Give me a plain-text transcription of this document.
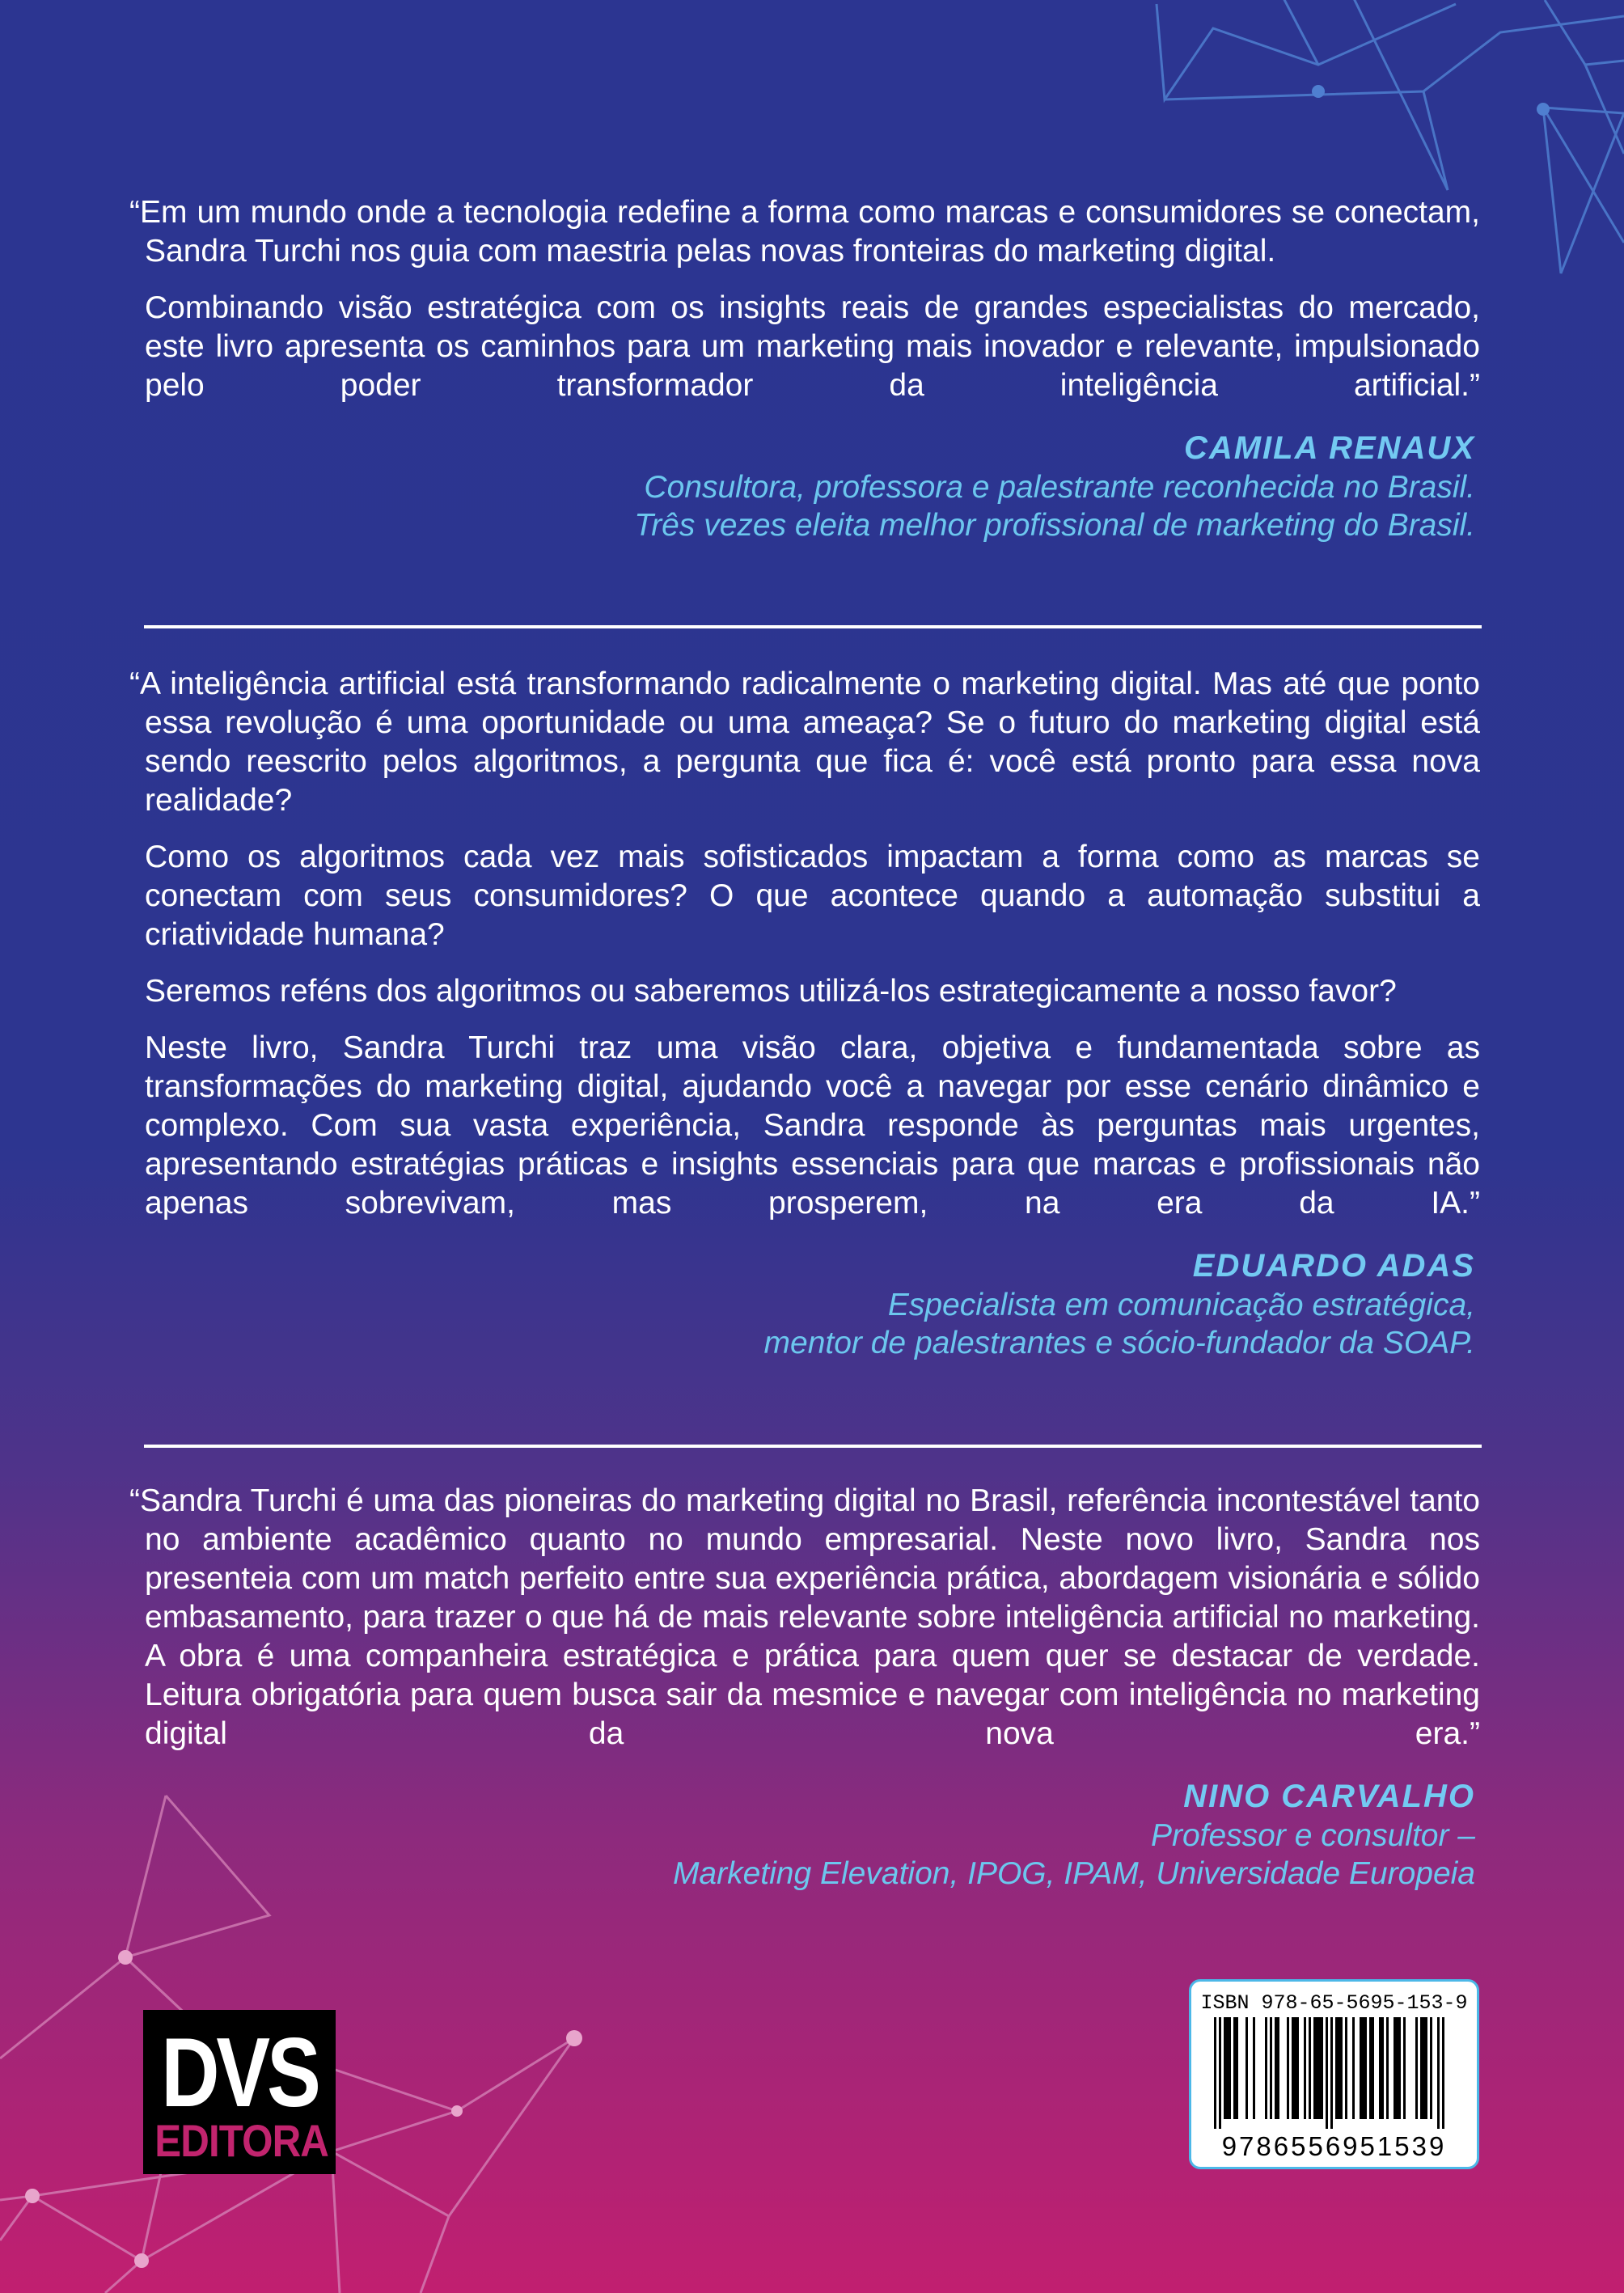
“Em um mundo onde a tecnologia redefine a forma como marcas e consumidores se conectam, Sandra Turchi nos guia com maestria pelas novas fronteiras do marketing digital.

Combinando visão estratégica com os insights reais de grandes especialistas do mercado, este livro apresenta os caminhos para um marketing mais inovador e relevante, impulsionado pelo poder transformador da inteligência artificial.”

CAMILA RENAUX
Consultora, professora e palestrante reconhecida no Brasil.
Três vezes eleita melhor profissional de marketing do Brasil.

“A inteligência artificial está transformando radicalmente o marketing digital. Mas até que ponto essa revolução é uma oportunidade ou uma ameaça? Se o futuro do marketing digital está sendo reescrito pelos algoritmos, a pergunta que fica é: você está pronto para essa nova realidade?

Como os algoritmos cada vez mais sofisticados impactam a forma como as marcas se conectam com seus consumidores? O que acontece quando a automação substitui a criatividade humana?

Seremos reféns dos algoritmos ou saberemos utilizá-los estrategicamente a nosso favor?

Neste livro, Sandra Turchi traz uma visão clara, objetiva e fundamentada sobre as transformações do marketing digital, ajudando você a navegar por esse cenário dinâmico e complexo. Com sua vasta experiência, Sandra responde às perguntas mais urgentes, apresentando estratégias práticas e insights essenciais para que marcas e profissionais não apenas sobrevivam, mas prosperem, na era da IA.”

EDUARDO ADAS
Especialista em comunicação estratégica,
mentor de palestrantes e sócio-fundador da SOAP.

“Sandra Turchi é uma das pioneiras do marketing digital no Brasil, referência incontestável tanto no ambiente acadêmico quanto no mundo empresarial. Neste novo livro, Sandra nos presenteia com um match perfeito entre sua experiência prática, abordagem visionária e sólido embasamento, para trazer o que há de mais relevante sobre inteligência artificial no marketing. A obra é uma companheira estratégica e prática para quem quer se destacar de verdade. Leitura obrigatória para quem busca sair da mesmice e navegar com inteligência no marketing digital da nova era.”

NINO CARVALHO
Professor e consultor –
Marketing Elevation, IPOG, IPAM, Universidade Europeia
DVS
EDITORA
ISBN 978-65-5695-153-9
9786556951539
